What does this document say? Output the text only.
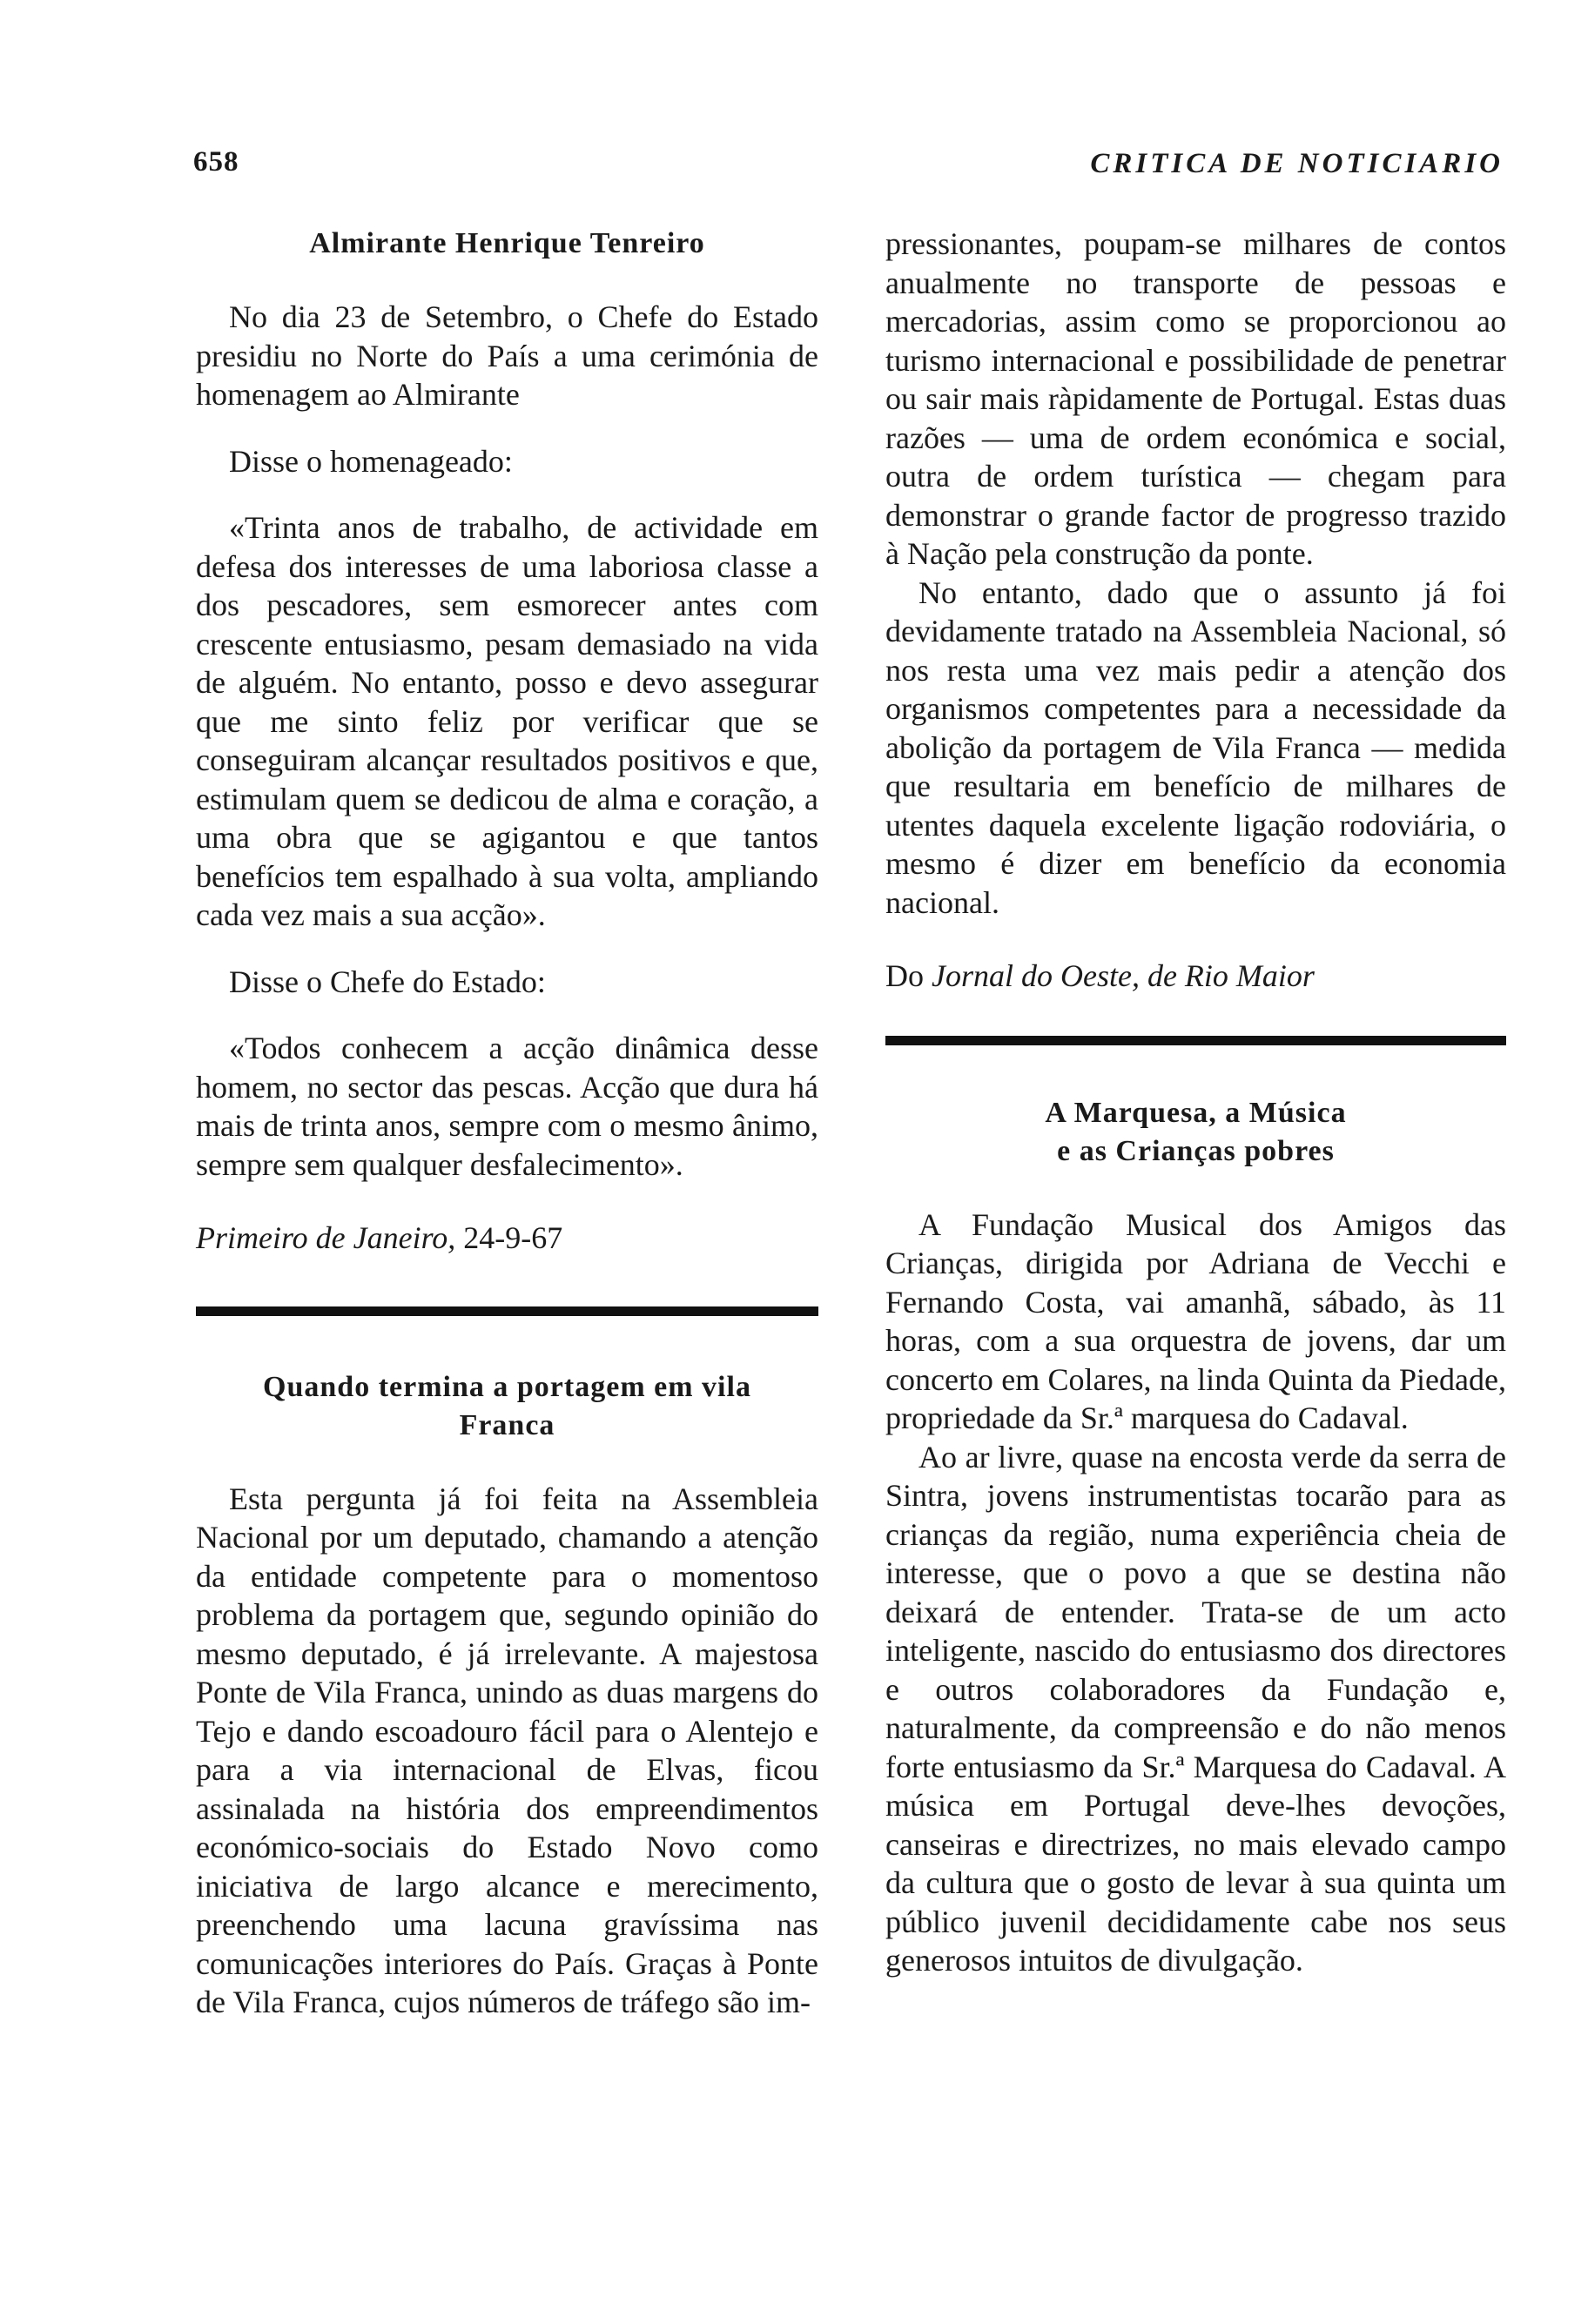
658	CRITICA DE NOTICIARIO
Almirante Henrique Tenreiro

No dia 23 de Setembro, o Chefe do Estado presidiu no Norte do País a uma cerimónia de homenagem ao Almirante

Disse o homenageado:

«Trinta anos de trabalho, de actividade em defesa dos interesses de uma laboriosa classe a dos pescadores, sem esmorecer antes com crescente entusiasmo, pesam demasiado na vida de alguém. No entanto, posso e devo assegurar que me sinto feliz por verificar que se conseguiram alcançar resultados positivos e que, estimulam quem se dedicou de alma e coração, a uma obra que se agigantou e que tantos benefícios tem espalhado à sua volta, ampliando cada vez mais a sua acção».

Disse o Chefe do Estado:

«Todos conhecem a acção dinâmica desse homem, no sector das pescas. Acção que dura há mais de trinta anos, sempre com o mesmo ânimo, sempre sem qualquer desfalecimento».

Primeiro de Janeiro, 24-9-67

Quando termina a portagem em vila
Franca

Esta pergunta já foi feita na Assembleia Nacional por um deputado, chamando a atenção da entidade competente para o momentoso problema da portagem que, segundo opinião do mesmo deputado, é já irrelevante. A majestosa Ponte de Vila Franca, unindo as duas margens do Tejo e dando escoadouro fácil para o Alentejo e para a via internacional de Elvas, ficou assinalada na história dos empreendimentos económico-sociais do Estado Novo como iniciativa de largo alcance e merecimento, preenchendo uma lacuna gravíssima nas comunicações interiores do País. Graças à Ponte de Vila Franca, cujos números de tráfego são im-

pressionantes, poupam-se milhares de contos anualmente no transporte de pessoas e mercadorias, assim como se proporcionou ao turismo internacional e possibilidade de penetrar ou sair mais ràpidamente de Portugal. Estas duas razões — uma de ordem económica e social, outra de ordem turística — chegam para demonstrar o grande factor de progresso trazido à Nação pela construção da ponte.

No entanto, dado que o assunto já foi devidamente tratado na Assembleia Nacional, só nos resta uma vez mais pedir a atenção dos organismos competentes para a necessidade da abolição da portagem de Vila Franca — medida que resultaria em benefício de milhares de utentes daquela excelente ligação rodoviária, o mesmo é dizer em benefício da economia nacional.

Do Jornal do Oeste, de Rio Maior

A Marquesa, a Música
e as Crianças pobres

A Fundação Musical dos Amigos das Crianças, dirigida por Adriana de Vecchi e Fernando Costa, vai amanhã, sábado, às 11 horas, com a sua orquestra de jovens, dar um concerto em Colares, na linda Quinta da Piedade, propriedade da Sr.ª marquesa do Cadaval.

Ao ar livre, quase na encosta verde da serra de Sintra, jovens instrumentistas tocarão para as crianças da região, numa experiência cheia de interesse, que o povo a que se destina não deixará de entender. Trata-se de um acto inteligente, nascido do entusiasmo dos directores e outros colaboradores da Fundação e, naturalmente, da compreensão e do não menos forte entusiasmo da Sr.ª Marquesa do Cadaval. A música em Portugal deve-lhes devoções, canseiras e directrizes, no mais elevado campo da cultura que o gosto de levar à sua quinta um público juvenil decididamente cabe nos seus generosos intuitos de divulgação.
